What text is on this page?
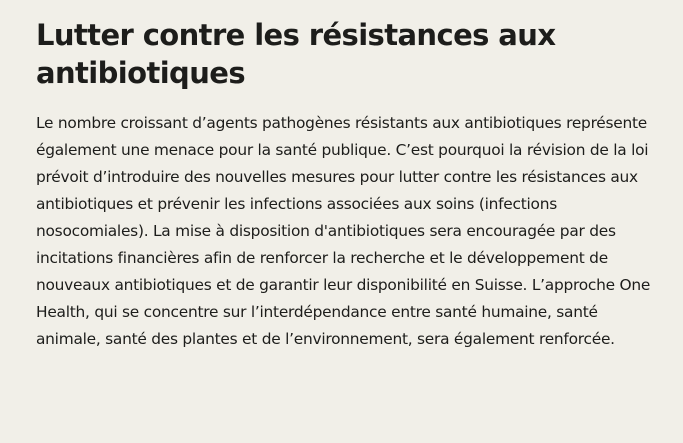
Lutter contre les résistances aux antibiotiques

Le nombre croissant d’agents pathogènes résistants aux antibiotiques représente également une menace pour la santé publique. C’est pourquoi la révision de la loi prévoit d’introduire des nouvelles mesures pour lutter contre les résistances aux antibiotiques et prévenir les infections associées aux soins (infections nosocomiales). La mise à disposition d'antibiotiques sera encouragée par des incitations financières afin de renforcer la recherche et le développement de nouveaux antibiotiques et de garantir leur disponibilité en Suisse. L’approche One Health, qui se concentre sur l’interdépendance entre santé humaine, santé animale, santé des plantes et de l’environnement, sera également renforcée.
